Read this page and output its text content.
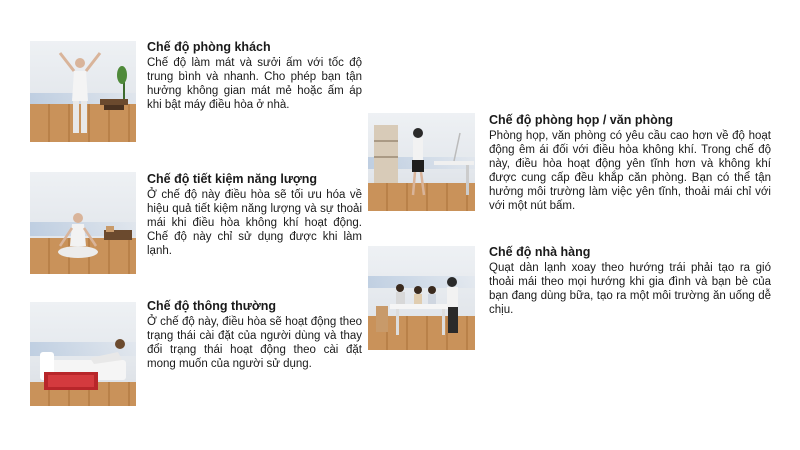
Chế độ phòng khách

Chế độ làm mát và sưởi ấm với tốc độ trung bình và nhanh. Cho phép bạn tận hưởng không gian mát mẻ hoặc ấm áp khi bật máy điều hòa ở nhà.

Chế độ tiết kiệm năng lượng

Ở chế độ này điều hòa sẽ tối ưu hóa về hiệu quả tiết kiệm năng lượng và sự thoải mái khi điều hòa không khí hoạt động. Chế độ này chỉ sử dụng được khi làm lạnh.

Chế độ thông thường

Ở chế độ này, điều hòa sẽ hoạt động theo trạng thái cài đặt của người dùng và thay đổi trạng thái hoạt động theo cài đặt mong muốn của người sử dụng.

Chế độ phòng họp / văn phòng

Phòng họp, văn phòng có yêu cầu cao hơn về độ hoạt động êm ái đối với điều hòa không khí. Trong chế độ này, điều hòa hoạt động yên tĩnh hơn và không khí được cung cấp đều khắp căn phòng. Bạn có thể tận hưởng môi trường làm việc yên tĩnh, thoải mái chỉ với với một nút bấm.

Chế độ nhà hàng

Quạt dàn lạnh xoay theo hướng trái phải tạo ra gió thoải mái theo mọi hướng khi gia đình và bạn bè của bạn đang dùng bữa, tạo ra một môi trường ăn uống dễ chịu.
